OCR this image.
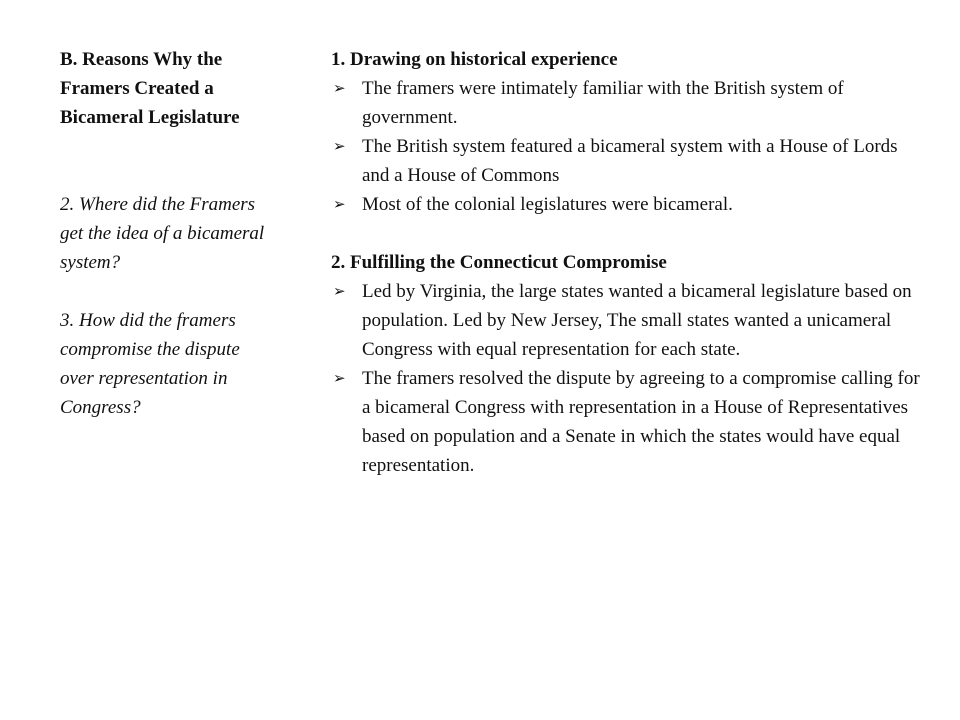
B. Reasons Why the Framers Created a Bicameral Legislature

2. Where did the Framers get the idea of a bicameral system?

3. How did the framers compromise the dispute over representation in Congress?

1. Drawing on historical experience

➢ The framers were intimately familiar with the British system of government.
➢ The British system featured a bicameral system with a House of Lords and a House of Commons
➢ Most of the colonial legislatures were bicameral.

2. Fulfilling the Connecticut Compromise

➢ Led by Virginia, the large states wanted a bicameral legislature based on population. Led by New Jersey, The small states wanted a unicameral Congress with equal representation for each state.
➢ The framers resolved the dispute by agreeing to a compromise calling for a bicameral Congress with representation in a House of Representatives based on population and a Senate in which the states would have equal representation.
